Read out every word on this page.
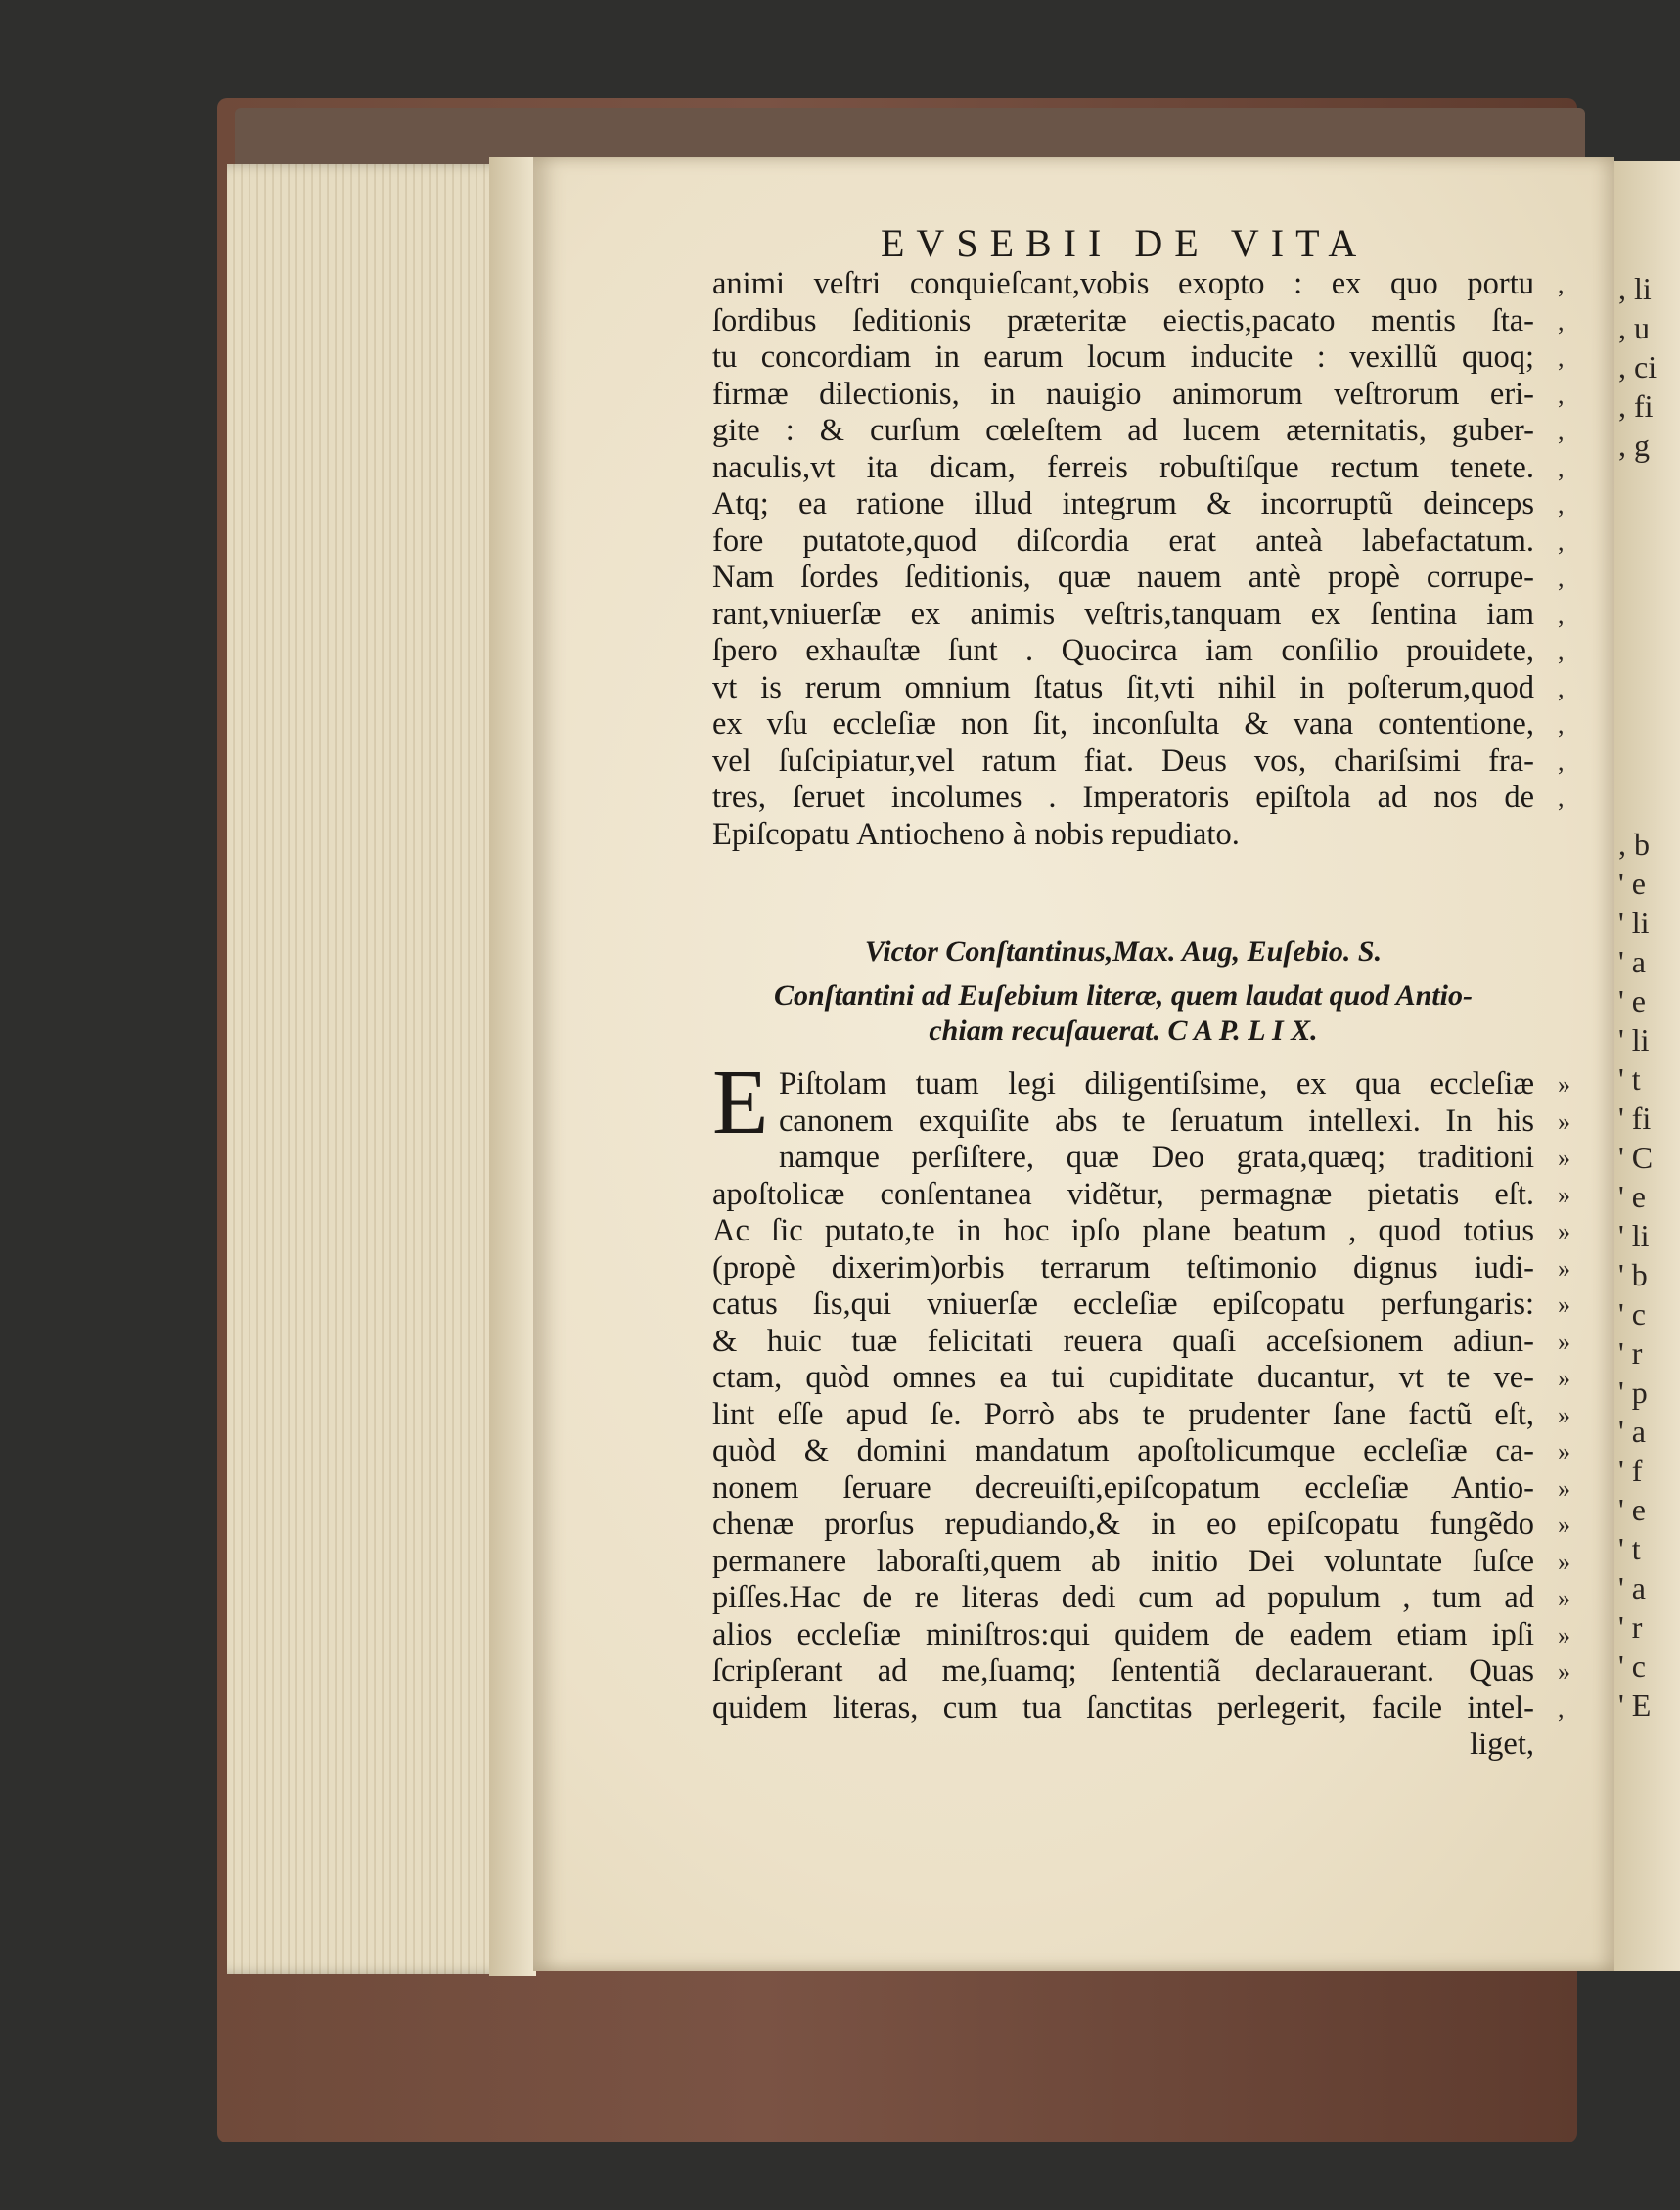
, li
, u
, ci
, fi
, g
, b
' e
' li
' a
' e
' li
' t
' fi
' C
' e
' li
' b
' c
' r
' p
' a
' f
' e
' t
' a
' r
' c
' E
EVSEBII DE VITA
animi veſtri conquieſcant,vobis exopto : ex quo portu
ſordibus ſeditionis præteritæ eiectis,pacato mentis ſta-
tu concordiam in earum locum inducite : vexillũ quoq;
firmæ dilectionis, in nauigio animorum veſtrorum eri-
gite : & curſum cœleſtem ad lucem æternitatis, guber-
naculis,vt ita dicam, ferreis robuſtiſque rectum tenete.
Atq; ea ratione illud integrum & incorruptũ deinceps
fore putatote,quod diſcordia erat anteà labefactatum.
Nam ſordes ſeditionis, quæ nauem antè propè corrupe-
rant,vniuerſæ ex animis veſtris,tanquam ex ſentina iam
ſpero exhauſtæ ſunt . Quocirca iam conſilio prouidete,
vt is rerum omnium ſtatus ſit,vti nihil in poſterum,quod
ex vſu eccleſiæ non ſit, inconſulta & vana contentione,
vel ſuſcipiatur,vel ratum fiat. Deus vos, chariſsimi fra-
tres, ſeruet incolumes . Imperatoris epiſtola ad nos de
Epiſcopatu Antiocheno à nobis repudiato.
Victor Conſtantinus,Max. Aug, Euſebio. S.
Conſtantini ad Euſebium literæ, quem laudat quod Antio-
chiam recuſauerat. C A P. L I X.
E Piſtolam tuam legi diligentiſsime, ex qua eccleſiæ
canonem exquiſite abs te ſeruatum intellexi. In his
namque perſiſtere, quæ Deo grata,quæq; traditioni
apoſtolicæ conſentanea vidẽtur, permagnæ pietatis eſt.
Ac ſic putato,te in hoc ipſo plane beatum , quod totius
(propè dixerim)orbis terrarum teſtimonio dignus iudi-
catus ſis,qui vniuerſæ eccleſiæ epiſcopatu perfungaris:
& huic tuæ felicitati reuera quaſi acceſsionem adiun-
ctam, quòd omnes ea tui cupiditate ducantur, vt te ve-
lint eſſe apud ſe. Porrò abs te prudenter ſane factũ eſt,
quòd & domini mandatum apoſtolicumque eccleſiæ ca-
nonem ſeruare decreuiſti,epiſcopatum eccleſiæ Antio-
chenæ prorſus repudiando,& in eo epiſcopatu fungẽdo
permanere laboraſti,quem ab initio Dei voluntate ſuſce
piſſes.Hac de re literas dedi cum ad populum , tum ad
alios eccleſiæ miniſtros:qui quidem de eadem etiam ipſi
ſcripſerant ad me,ſuamq; ſententiã declarauerant. Quas
quidem literas, cum tua ſanctitas perlegerit, facile intel-
liget,
,
,
,
,
,
,
,
,
,
,
,
,
,
,
,
»
»
»
»
»
»
»
»
»
»
»
»
»
»
»
»
»
,
